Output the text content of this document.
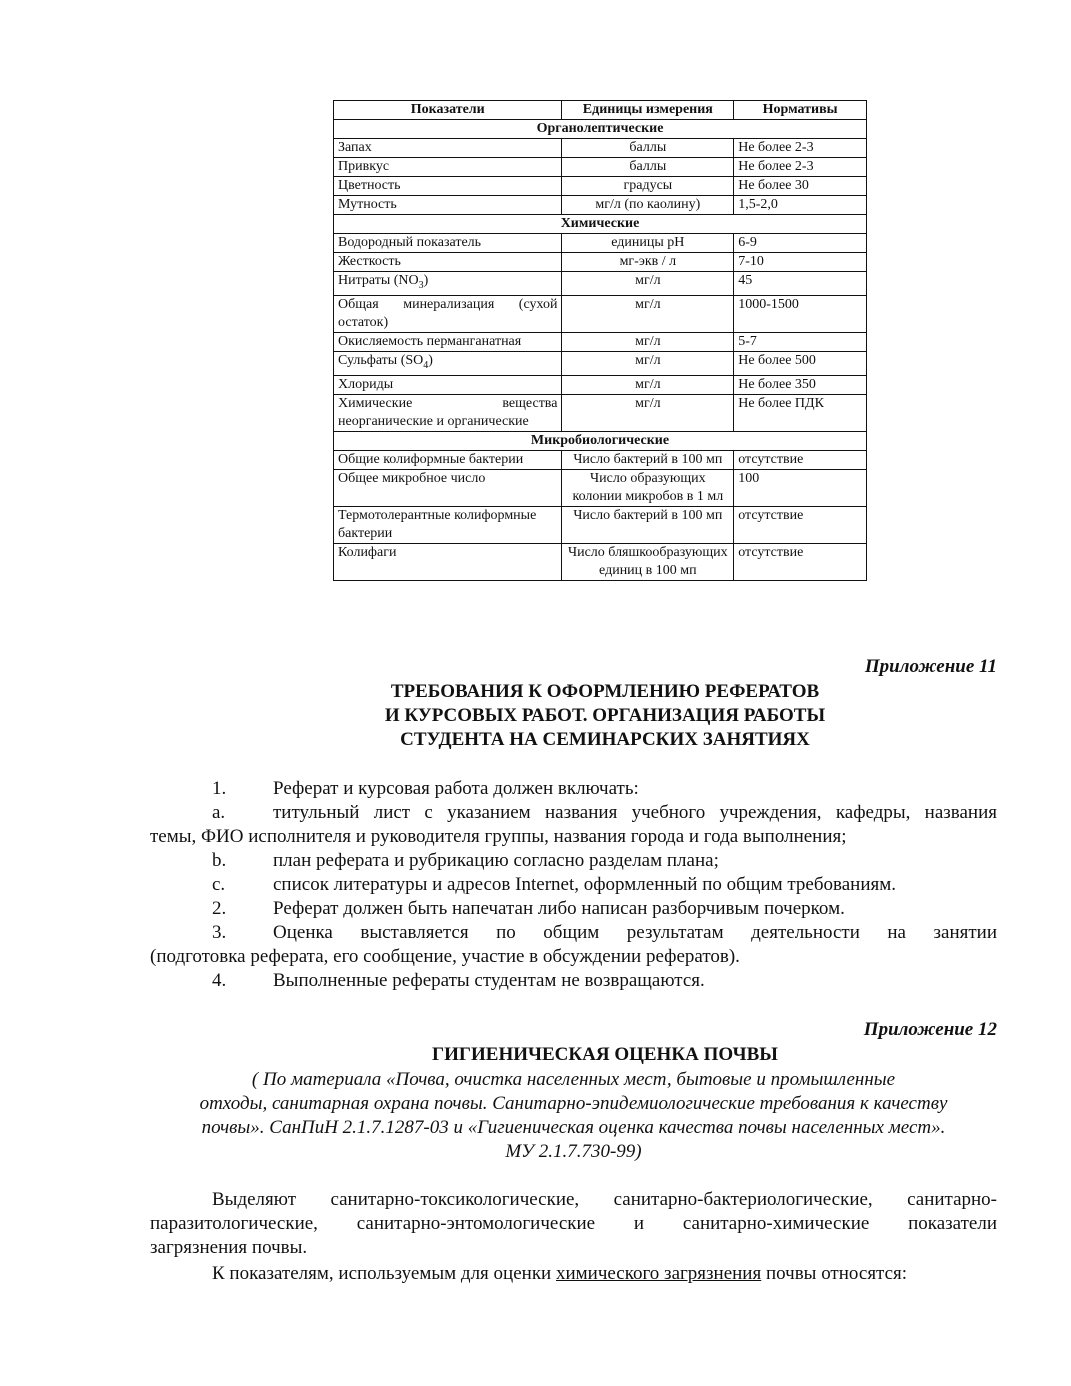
Показатели	Единицы измерения	Нормативы
Органолептические		
Запах	баллы	Не более 2-3
Привкус	баллы	Не более 2-3
Цветность	градусы	Не более 30
Мутность	мг/л (по каолину)	1,5-2,0
Химические		
Водородный показатель	единицы pH	6-9
Жесткость	мг-экв / л	7-10
Нитраты $(NO_3)$	мг/л	45
Общая минерализация (сухой остаток)	мг/л	1000-1500
Окисляемость перманганатная	мг/л	5-7
Сульфаты $(SO_4)$	мг/л	Не более 500
Хлориды	мг/л	Не более 350
Химические вещества неорганические и органические	мг/л	Не более ПДК
Микробиологические		
Общие колиформные бактерии	Число бактерий в 100 мп	отсутствие
Общее микробное число	Число образующих колонии микробов в 1 мл	100
Термотолерантные колиформные бактерии	Число бактерий в 100 мп	отсутствие
Колифаги	Число бляшкообразующих единиц в 100 мп	отсутствие
Приложение 11
ТРЕБОВАНИЯ К ОФОРМЛЕНИЮ РЕФЕРАТОВ
И КУРСОВЫХ РАБОТ. ОРГАНИЗАЦИЯ РАБОТЫ
СТУДЕНТА НА СЕМИНАРСКИХ ЗАНЯТИЯХ
1. Реферат и курсовая работа должен включать:
a.	титульный лист с указанием названия учебного учреждения, кафедры, названия
темы, ФИО исполнителя и руководителя группы, названия города и года выполнения;
b. план реферата и рубрикацию согласно разделам плана;
c.	список литературы и адресов Internet, оформленный по общим требованиям.
2. Реферат должен быть напечатан либо написан разборчивым почерком.
3. Оценка выставляется по общим результатам деятельности на занятии
(подготовка реферата, его сообщение, участие в обсуждении рефератов).
4. Выполненные рефераты студентам не возвращаются.
Приложение 12
ГИГИЕНИЧЕСКАЯ ОЦЕНКА ПОЧВЫ
( По материала «Почва, очистка населенных мест, бытовые и промышленные
отходы, санитарная охрана почвы. Санитарно-эпидемиологические требования к качеству
почвы». СанПиН 2.1.7.1287-03 и «Гигиеническая оценка качества почвы населенных мест».
МУ 2.1.7.730-99)
Выделяют санитарно-токсикологические, санитарно-бактериологические, санитарно-
паразитологические, санитарно-энтомологические и санитарно-химические показатели
загрязнения почвы.
К показателям, используемым для оценки химического загрязнения почвы относятся:
